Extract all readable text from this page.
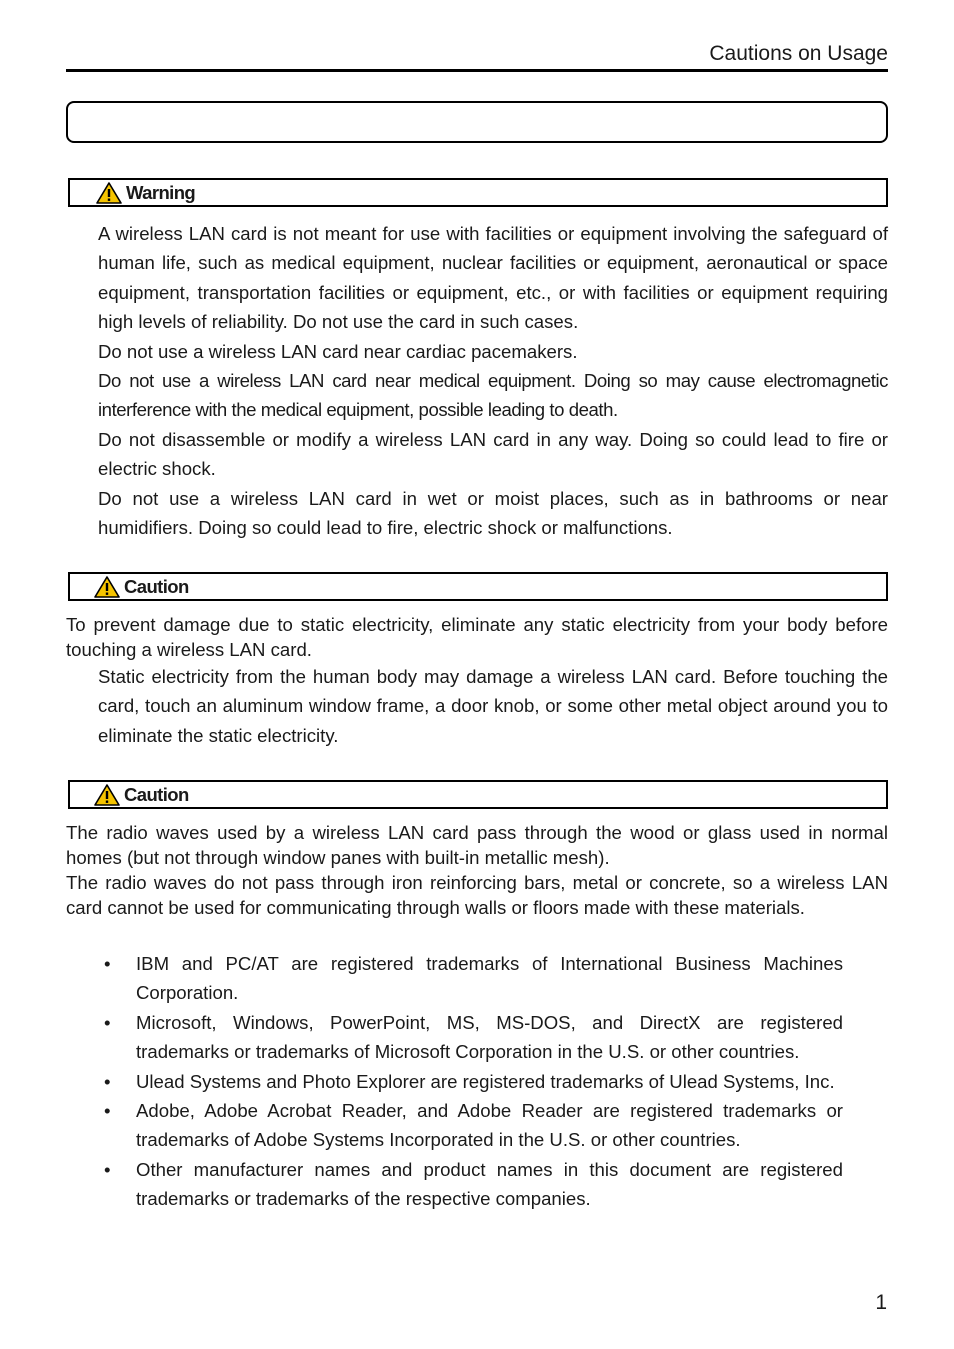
Cautions on Usage
Warning

A wireless LAN card is not meant for use with facilities or equipment involving the safeguard of human life, such as medical equipment, nuclear facilities or equipment, aeronautical or space equipment, transportation facilities or equipment, etc., or with facilities or equipment requiring high levels of reliability. Do not use the card in such cases.

Do not use a wireless LAN card near cardiac pacemakers.

Do not use a wireless LAN card near medical equipment. Doing so may cause electromagnetic interference with the medical equipment, possible leading to death.

Do not disassemble or modify a wireless LAN card in any way. Doing so could lead to fire or electric shock.

Do not use a wireless LAN card in wet or moist places, such as in bathrooms or near humidifiers. Doing so could lead to fire, electric shock or malfunctions.

Caution

To prevent damage due to static electricity, eliminate any static electricity from your body before touching a wireless LAN card.

Static electricity from the human body may damage a wireless LAN card. Before touching the card, touch an aluminum window frame, a door knob, or some other metal object around you to eliminate the static electricity.

Caution

The radio waves used by a wireless LAN card pass through the wood or glass used in normal homes (but not through window panes with built-in metallic mesh).

The radio waves do not pass through iron reinforcing bars, metal or concrete, so a wireless LAN card cannot be used for communicating through walls or floors made with these materials.

• IBM and PC/AT are registered trademarks of International Business Machines Corporation.
• Microsoft, Windows, PowerPoint, MS, MS-DOS, and DirectX are registered trademarks or trademarks of Microsoft Corporation in the U.S. or other countries.
• Ulead Systems and Photo Explorer are registered trademarks of Ulead Systems, Inc.
• Adobe, Adobe Acrobat Reader, and Adobe Reader are registered trademarks or trademarks of Adobe Systems Incorporated in the U.S. or other countries.
• Other manufacturer names and product names in this document are registered trademarks or trademarks of the respective companies.
1
